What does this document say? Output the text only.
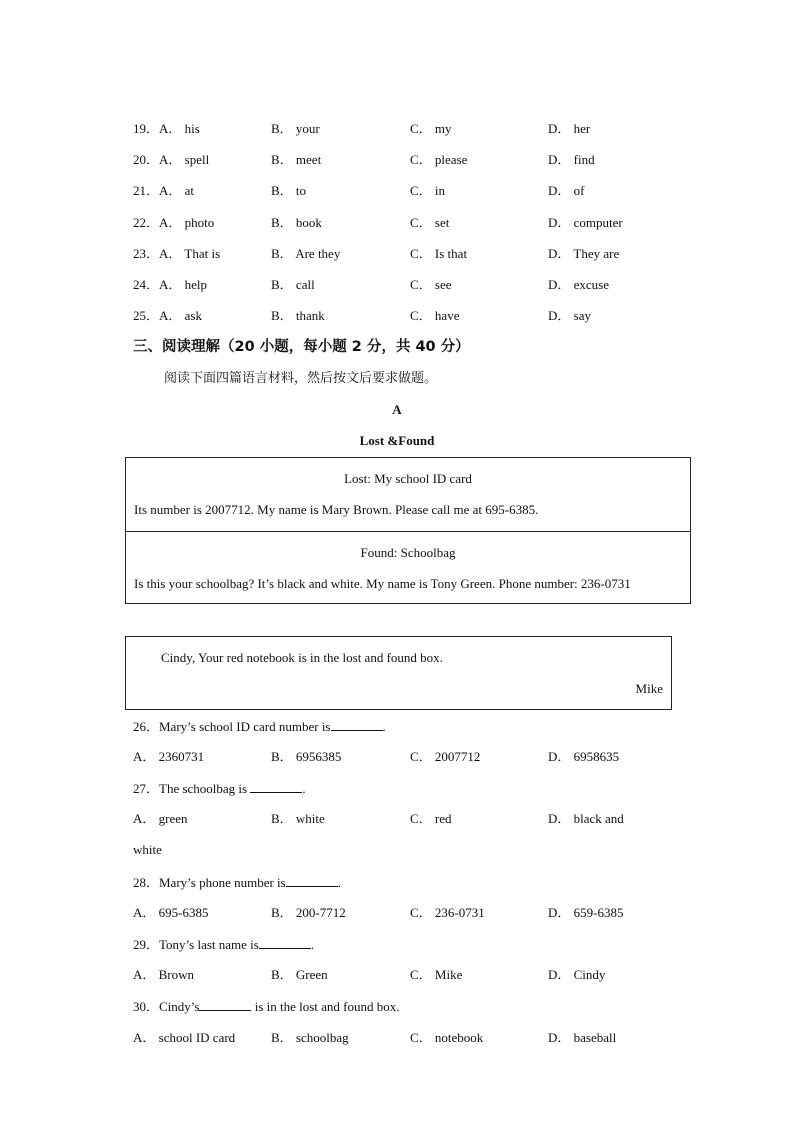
19．A． his	B． your	C． my	D． her
20．A． spell	B． meet	C． please	D． find
21．A． at	B． to	C． in	D． of
22．A． photo	B． book	C． set	D． computer
23．A． That is	B． Are they	C． Is that	D． They are
24．A． help	B． call	C． see	D． excuse
25．A． ask	B． thank	C． have	D． say
三、阅读理解（20 小题，每小题 2 分，共 40 分）
阅读下面四篇语言材料，然后按文后要求做题。
A
Lost &Found
Lost: My school ID card
Its number is 2007712. My name is Mary Brown. Please call me at 695-6385.
Found: Schoolbag
Is this your schoolbag? It’s black and white. My name is Tony Green. Phone number: 236-0731
Cindy, Your red notebook is in the lost and found box.
Mike
26．Mary’s school ID card number is	.
A． 2360731	B． 6956385	C． 2007712	D． 6958635
27．The schoolbag is	.
A． green	B． white	C． red	D． black and
white
28．Mary’s phone number is	.
A． 695-6385	B． 200-7712	C． 236-0731	D． 659-6385
29．Tony’s last name is	.
A． Brown	B． Green	C． Mike	D． Cindy
30．Cindy’s	is in the lost and found box.
A． school ID card	B． schoolbag	C． notebook	D． baseball
